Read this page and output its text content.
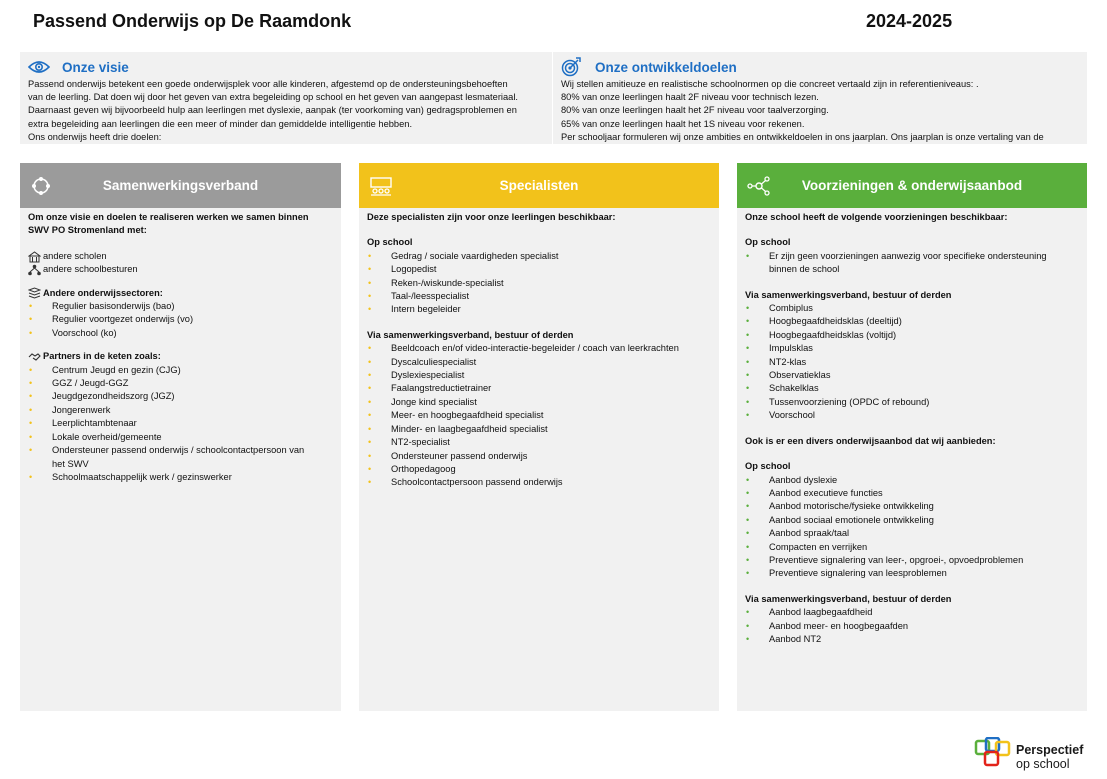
Passend Onderwijs op De Raamdonk	2024-2025
Onze visie

Passend onderwijs betekent een goede onderwijsplek voor alle kinderen, afgestemd op de ondersteuningsbehoeften

van de leerling. Dat doen wij door het geven van extra begeleiding op school en het geven van aangepast lesmateriaal.

Daarnaast geven wij bijvoorbeeld hulp aan leerlingen met dyslexie, aanpak (ter voorkoming van) gedragsproblemen en

extra begeleiding aan leerlingen die een meer of minder dan gemiddelde intelligentie hebben.

Ons onderwijs heeft drie doelen:

Onze ontwikkeldoelen

Wij stellen amitieuze en realistische schoolnormen op die concreet vertaald zijn in referentieniveaus: .

80% van onze leerlingen haalt 2F niveau voor technisch lezen.

80% van onze leerlingen haalt het 2F niveau voor taalverzorging.

65% van onze leerlingen haalt het 1S niveau voor rekenen.

Per schooljaar formuleren wij onze ambities en ontwikkeldoelen in ons jaarplan. Ons jaarplan is onze vertaling van de

Samenwerkingsverband
Om onze visie en doelen te realiseren werken we samen binnen
SWV PO Stromenland met:
andere scholen
andere schoolbesturen
Andere onderwijssectoren:
• Regulier basisonderwijs (bao)
• Regulier voortgezet onderwijs (vo)
• Voorschool (ko)
Partners in de keten zoals:
• Centrum Jeugd en gezin (CJG)
• GGZ / Jeugd-GGZ
• Jeugdgezondheidszorg (JGZ)
• Jongerenwerk
• Leerplichtambtenaar
• Lokale overheid/gemeente
• Ondersteuner passend onderwijs / schoolcontactpersoon van
het SWV
• Schoolmaatschappelijk werk / gezinswerker
Specialisten
Deze specialisten zijn voor onze leerlingen beschikbaar:
Op school
• Gedrag / sociale vaardigheden specialist
• Logopedist
• Reken-/wiskunde-specialist
• Taal-/leesspecialist
• Intern begeleider
Via samenwerkingsverband, bestuur of derden
• Beeldcoach en/of video-interactie-begeleider / coach van leerkrachten
• Dyscalculiespecialist
• Dyslexiespecialist
• Faalangstreductietrainer
• Jonge kind specialist
• Meer- en hoogbegaafdheid specialist
• Minder- en laagbegaafdheid specialist
• NT2-specialist
• Ondersteuner passend onderwijs
• Orthopedagoog
• Schoolcontactpersoon passend onderwijs
Voorzieningen & onderwijsaanbod
Onze school heeft de volgende voorzieningen beschikbaar:
Op school
• Er zijn geen voorzieningen aanwezig voor specifieke ondersteuning
binnen de school
Via samenwerkingsverband, bestuur of derden
• Combiplus
• Hoogbegaafdheidsklas (deeltijd)
• Hoogbegaafdheidsklas (voltijd)
• Impulsklas
• NT2-klas
• Observatieklas
• Schakelklas
• Tussenvoorziening (OPDC of rebound)
• Voorschool
Ook is er een divers onderwijsaanbod dat wij aanbieden:
Op school
• Aanbod dyslexie
• Aanbod executieve functies
• Aanbod motorische/fysieke ontwikkeling
• Aanbod sociaal emotionele ontwikkeling
• Aanbod spraak/taal
• Compacten en verrijken
• Preventieve signalering van leer-, opgroei-, opvoedproblemen
• Preventieve signalering van leesproblemen
Via samenwerkingsverband, bestuur of derden
• Aanbod laagbegaafdheid
• Aanbod meer- en hoogbegaafden
• Aanbod NT2
Perspectief
op school
